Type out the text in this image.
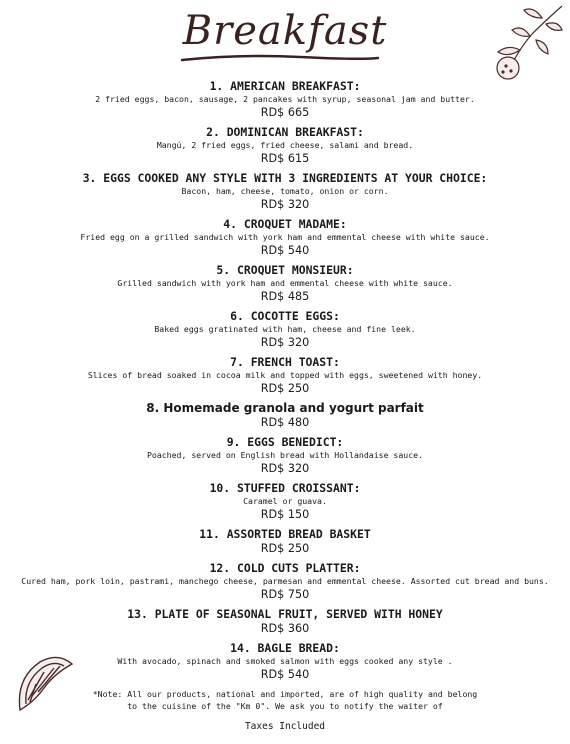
Breakfast
1. AMERICAN BREAKFAST:
2 fried eggs, bacon, sausage, 2 pancakes with syrup, seasonal jam and butter.
RD$ 665
2. DOMINICAN BREAKFAST:
Mangú, 2 fried eggs, fried cheese, salami and bread.
RD$ 615
3. EGGS COOKED ANY STYLE WITH 3 INGREDIENTS AT YOUR CHOICE:
Bacon, ham, cheese, tomato, onion or corn.
RD$ 320
4. CROQUET MADAME:
Fried egg on a grilled sandwich with york ham and emmental cheese with white sauce.
RD$ 540
5. CROQUET MONSIEUR:
Grilled sandwich with york ham and emmental cheese with white sauce.
RD$ 485
6. COCOTTE EGGS:
Baked eggs gratinated with ham, cheese and fine leek.
RD$ 320
7. FRENCH TOAST:
Slices of bread soaked in cocoa milk and topped with eggs, sweetened with honey.
RD$ 250
8. Homemade granola and yogurt parfait
RD$ 480
9. EGGS BENEDICT:
Poached, served on English bread with Hollandaise sauce.
RD$ 320
10. STUFFED CROISSANT:
Caramel or guava.
RD$ 150
11. ASSORTED BREAD BASKET
RD$ 250
12. COLD CUTS PLATTER:
Cured ham, pork loin, pastrami, manchego cheese, parmesan and emmental cheese. Assorted cut bread and buns.
RD$ 750
13. PLATE OF SEASONAL FRUIT, SERVED WITH HONEY
RD$ 360
14. BAGLE BREAD:
With avocado, spinach and smoked salmon with eggs cooked any style .
RD$ 540
*Note: All our products, national and imported, are of high quality and belong
to the cuisine of the "Km 0". We ask you to notify the waiter of
Taxes Included
